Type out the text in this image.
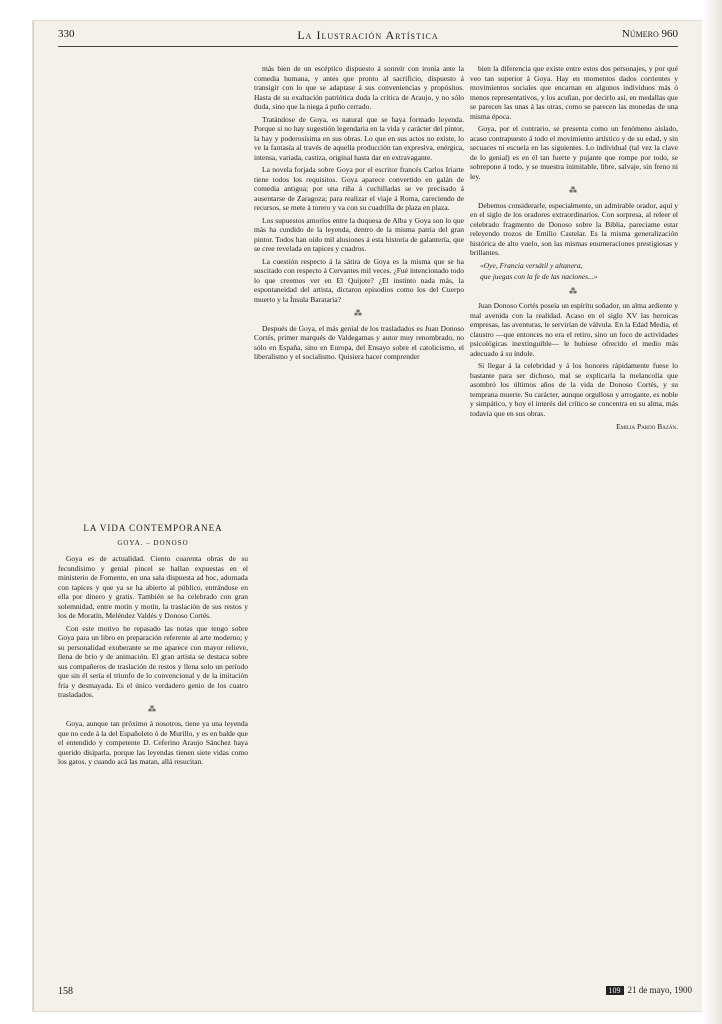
330	La Ilustración Artística	Número 960
LA VIDA CONTEMPORÁNEA
GOYA. – DONOSO

Goya es de actualidad. Ciento cuarenta obras de su fecundísimo y genial pincel se hallan expuestas en el ministerio de Fomento, en una sala dispuesta ad hoc, adornada con tapices y que ya se ha abierto al público, entrándose en ella por dinero y gratis. También se ha celebrado con gran solemnidad, entre motín y motín, la traslación de sus restos y los de Moratín, Meléndez Valdés y Donoso Cortés.

Con este motivo he repasado las notas que tengo sobre Goya para un libro en preparación referente al arte moderno; y su personalidad exuberante se me aparece con mayor relieve, llena de brío y de animación. El gran artista se destaca sobre sus compañeros de traslación de restos y llena solo un período que sin él sería el triunfo de lo convencional y de la imitación fría y desmayada. Es el único verdadero genio de los cuatro trasladados.

⁂

Goya, aunque tan próximo á nosotros, tiene ya una leyenda que no cede á la del Españoleto ó de Murillo, y es en balde que el entendido y competente D. Ceferino Araujo Sánchez haya querido disiparla, porque las leyendas tienen siete vidas como los gatos, y cuando acá las matan, allá resucitan.

más bien de un escéptico dispuesto á sonreír con ironía ante la comedia humana, y antes que pronto al sacrificio, dispuesto á transigir con lo que se adaptase á sus conveniencias y propósitos. Hasta de su exaltación patriótica duda la crítica de Araujo, y no sólo duda, sino que la niega á puño cerrado.

Tratándose de Goya, es natural que se haya formado leyenda. Porque si no hay sugestión legendaria en la vida y carácter del pintor, la hay y poderosísima en sus obras. Lo que en sus actos no existe, lo ve la fantasía al través de aquella producción tan expresiva, enérgica, intensa, variada, castiza, original hasta dar en extravagante.

La novela forjada sobre Goya por el escritor francés Carlos Iriarte tiene todos los requisitos. Goya aparece convertido en galán de comedia antigua; por una riña á cuchilladas se ve precisado á ausentarse de Zaragoza; para realizar el viaje á Roma, careciendo de recursos, se mete á torero y va con su cuadrilla de plaza en plaza.

Los supuestos amoríos entre la duquesa de Alba y Goya son lo que más ha cundido de la leyenda, dentro de la misma patria del gran pintor. Todos han oído mil alusiones á esta historia de galantería, que se cree revelada en tapices y cuadros.

La cuestión respecto á la sátira de Goya es la misma que se ha suscitado con respecto á Cervantes mil veces. ¿Fué intencionado todo lo que creemos ver en El Quijote? ¿El instinto nada más, la espontaneidad del artista, dictaron episodios como los del Cuerpo muerto y la Ínsula Barataria?

⁂

Después de Goya, el más genial de los trasladados es Juan Donoso Cortés, primer marqués de Valdegamas y autor muy renombrado, no sólo en España, sino en Europa, del Ensayo sobre el catolicismo, el liberalismo y el socialismo. Quisiera hacer comprender

bien la diferencia que existe entre estos dos personajes, y por qué veo tan superior á Goya. Hay en momentos dados corrientes y movimientos sociales que encarnan en algunos individuos más ó menos representativos, y los acuñan, por decirlo así, en medallas que se parecen las unas á las otras, como se parecen las monedas de una misma época.

Goya, por el contrario, se presenta como un fenómeno aislado, acaso contrapuesto á todo el movimiento artístico y de su edad, y sin secuaces ni escuela en las siguientes. Lo individual (tal vez la clave de lo genial) es en él tan fuerte y pujante que rompe por todo, se sobrepone á todo, y se muestra inimitable, libre, salvaje, sin freno ni ley.

⁂

Debemos considerarle, especialmente, un admirable orador, aquí y en el siglo de los oradores extraordinarios. Con sorpresa, al releer el celebrado fragmento de Donoso sobre la Biblia, pareciame estar releyendo trozos de Emilio Castelar. Es la misma generalización histórica de alto vuelo, son las mismas enumeraciones prestigiosas y brillantes.

«Oye, Francia versátil y altanera,

que juegas con la fe de las naciones...»

⁂

Juan Donoso Cortés poseía un espíritu soñador, un alma ardiente y mal avenida con la realidad. Acaso en el siglo XV las heroicas empresas, las aventuras, le servirían de válvula. En la Edad Media, el claustro —que entonces no era el retiro, sino un foco de actividades psicológicas inextinguible— le hubiese ofrecido el medio más adecuado á su índole.

Si llegar á la celebridad y á los honores rápidamente fuese lo bastante para ser dichoso, mal se explicaría la melancolía que asombró los últimos años de la vida de Donoso Cortés, y su temprana muerte. Su carácter, aunque orgulloso y arrogante, es noble y simpático, y hoy el interés del crítico se concentra en su alma, más todavía que en sus obras.

Emilia Pardo Bazán.
158	109 21 de mayo, 1900
